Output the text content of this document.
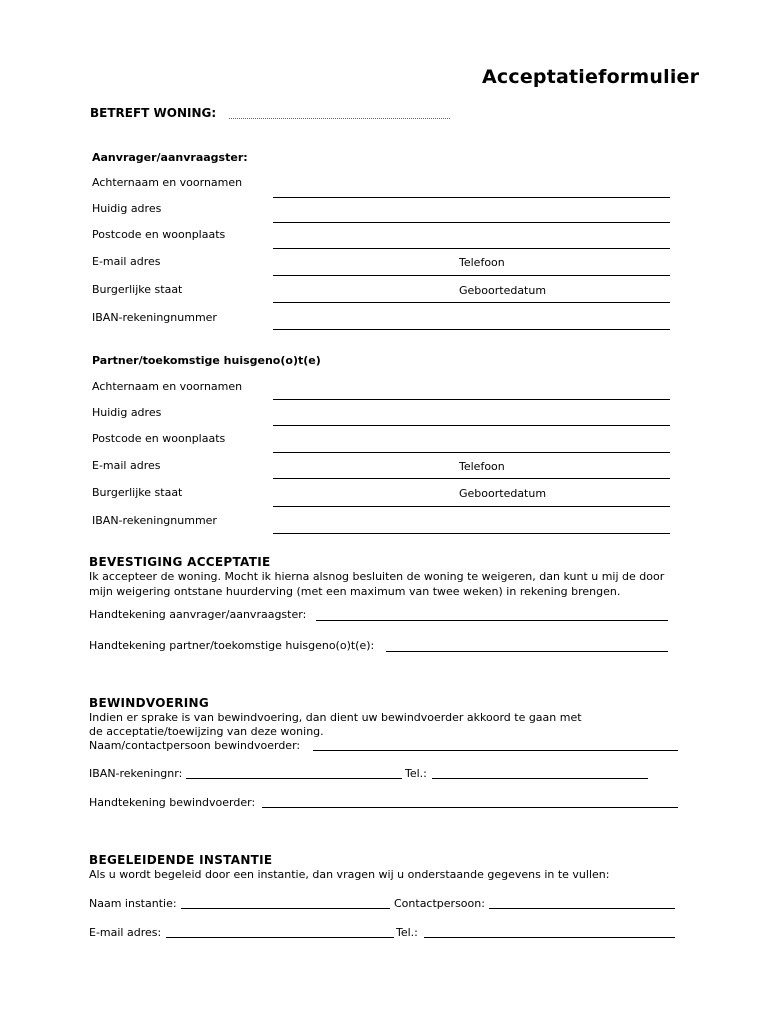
Acceptatieformulier
BETREFT WONING:
Aanvrager/aanvraagster:
Achternaam en voornamen
Huidig adres
Postcode en woonplaats
E-mail adres	Telefoon
Burgerlijke staat	Geboortedatum
IBAN-rekeningnummer
Partner/toekomstige huisgeno(o)t(e)
Achternaam en voornamen
Huidig adres
Postcode en woonplaats
E-mail adres	Telefoon
Burgerlijke staat	Geboortedatum
IBAN-rekeningnummer
BEVESTIGING ACCEPTATIE
Ik accepteer de woning. Mocht ik hierna alsnog besluiten de woning te weigeren, dan kunt u mij de door
mijn weigering ontstane huurderving (met een maximum van twee weken) in rekening brengen.
Handtekening aanvrager/aanvraagster:
Handtekening partner/toekomstige huisgeno(o)t(e):
BEWINDVOERING
Indien er sprake is van bewindvoering, dan dient uw bewindvoerder akkoord te gaan met
de acceptatie/toewijzing van deze woning.
Naam/contactpersoon bewindvoerder:
IBAN-rekeningnr:	Tel.:
Handtekening bewindvoerder:
BEGELEIDENDE INSTANTIE
Als u wordt begeleid door een instantie, dan vragen wij u onderstaande gegevens in te vullen:
Naam instantie:	Contactpersoon:
E-mail adres:	Tel.:
